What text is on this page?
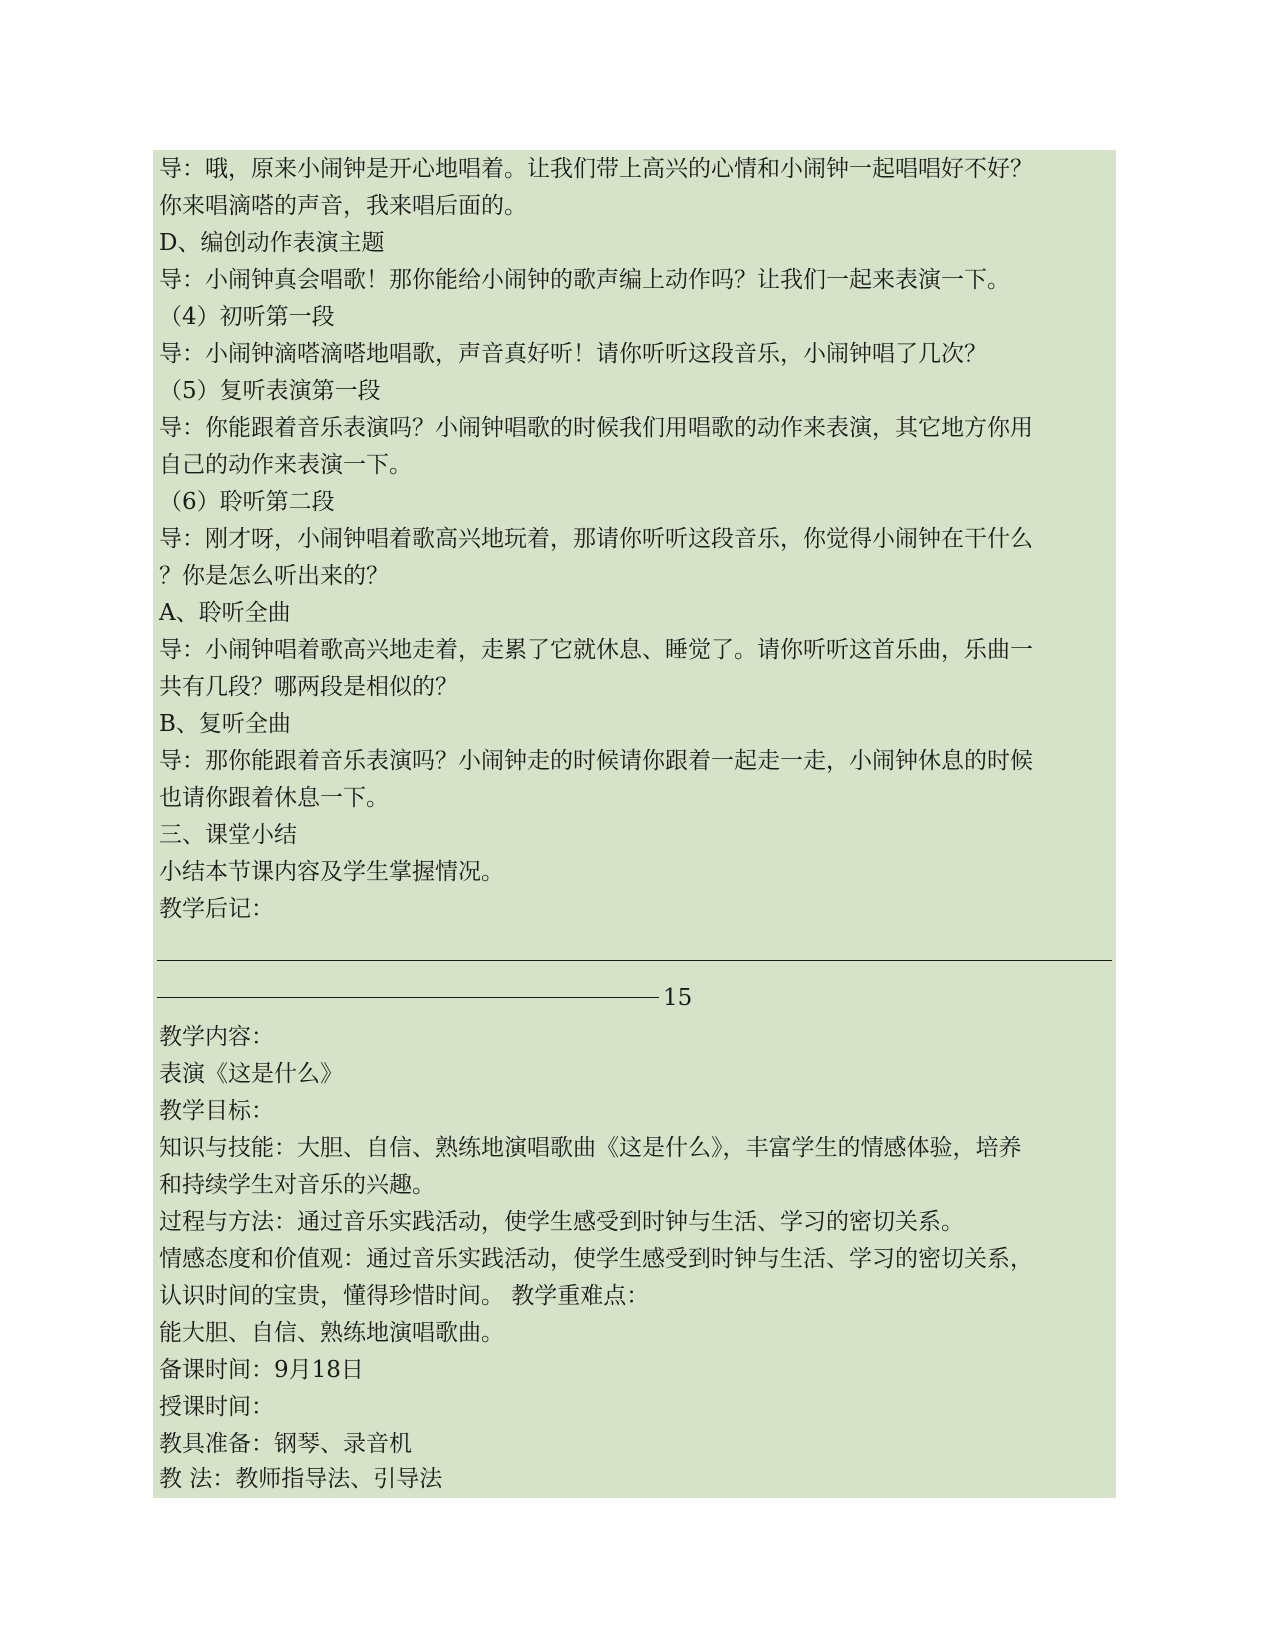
导：哦，原来小闹钟是开心地唱着。让我们带上高兴的心情和小闹钟一起唱唱好不好？
你来唱滴嗒的声音，我来唱后面的。
D、编创动作表演主题
导：小闹钟真会唱歌！那你能给小闹钟的歌声编上动作吗？让我们一起来表演一下。
（4）初听第一段
导：小闹钟滴嗒滴嗒地唱歌，声音真好听！请你听听这段音乐，小闹钟唱了几次？
（5）复听表演第一段
导：你能跟着音乐表演吗？小闹钟唱歌的时候我们用唱歌的动作来表演，其它地方你用
自己的动作来表演一下。
（6）聆听第二段
导：刚才呀，小闹钟唱着歌高兴地玩着，那请你听听这段音乐，你觉得小闹钟在干什么
？你是怎么听出来的？
A、聆听全曲
导：小闹钟唱着歌高兴地走着，走累了它就休息、睡觉了。请你听听这首乐曲，乐曲一
共有几段？哪两段是相似的？
B、复听全曲
导：那你能跟着音乐表演吗？小闹钟走的时候请你跟着一起走一走，小闹钟休息的时候
也请你跟着休息一下。
三、课堂小结
小结本节课内容及学生掌握情况。
教学后记：
15
教学内容：
表演《这是什么》
教学目标：
知识与技能：大胆、自信、熟练地演唱歌曲《这是什么》，丰富学生的情感体验，培养
和持续学生对音乐的兴趣。
过程与方法：通过音乐实践活动，使学生感受到时钟与生活、学习的密切关系。
情感态度和价值观：通过音乐实践活动，使学生感受到时钟与生活、学习的密切关系，
认识时间的宝贵，懂得珍惜时间。 教学重难点：
能大胆、自信、熟练地演唱歌曲。
备课时间：9月18日
授课时间：
教具准备：钢琴、录音机
教 法：教师指导法、引导法
